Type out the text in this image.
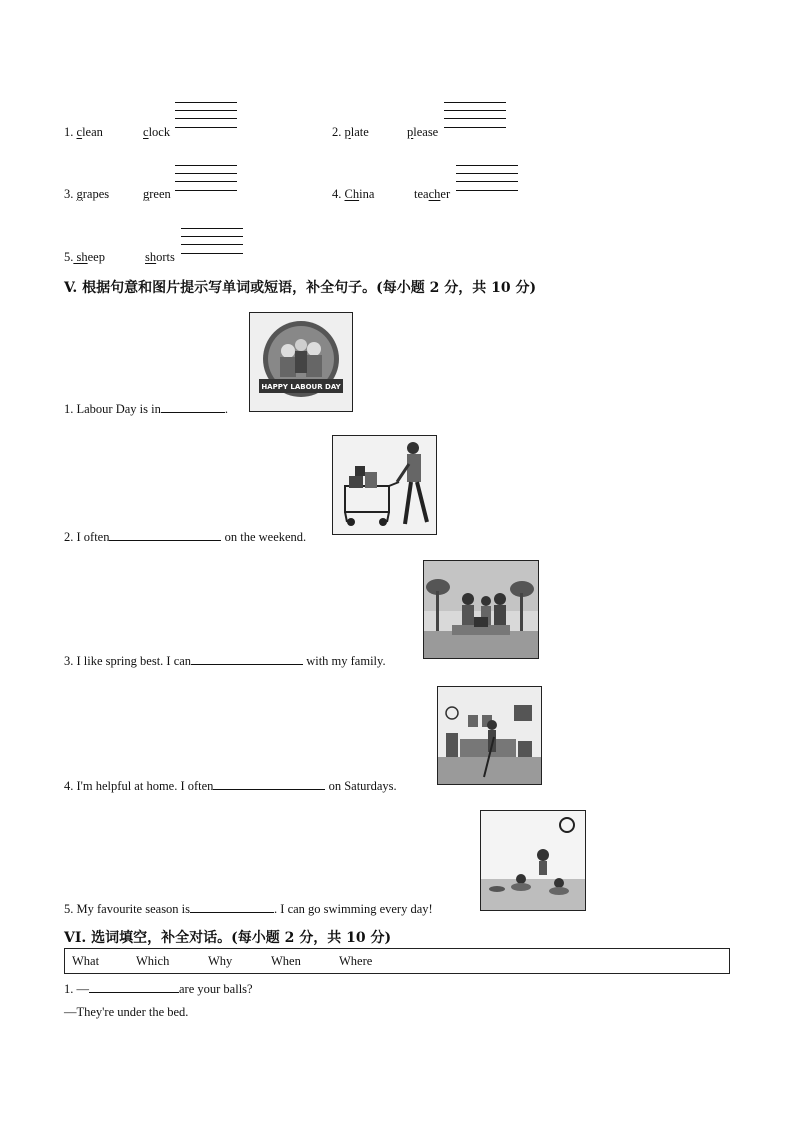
1. clean	clock	2. plate	please
3. grapes	green	4. China	teacher
5. sheep	shorts
V. 根据句意和图片提示写单词或短语，补全句子。(每小题 2 分，共 10 分)
HAPPY LABOUR DAY
1. Labour Day is in	.
2. I often	on the weekend.
3. I like spring best. I can	with my family.
4. I'm helpful at home. I often	on Saturdays.
5. My favourite season is	. I can go swimming every day!
VI. 选词填空，补全对话。(每小题 2 分，共 10 分)
What	Which	Why	When	Where
1. —	are your balls?
—They're under the bed.
